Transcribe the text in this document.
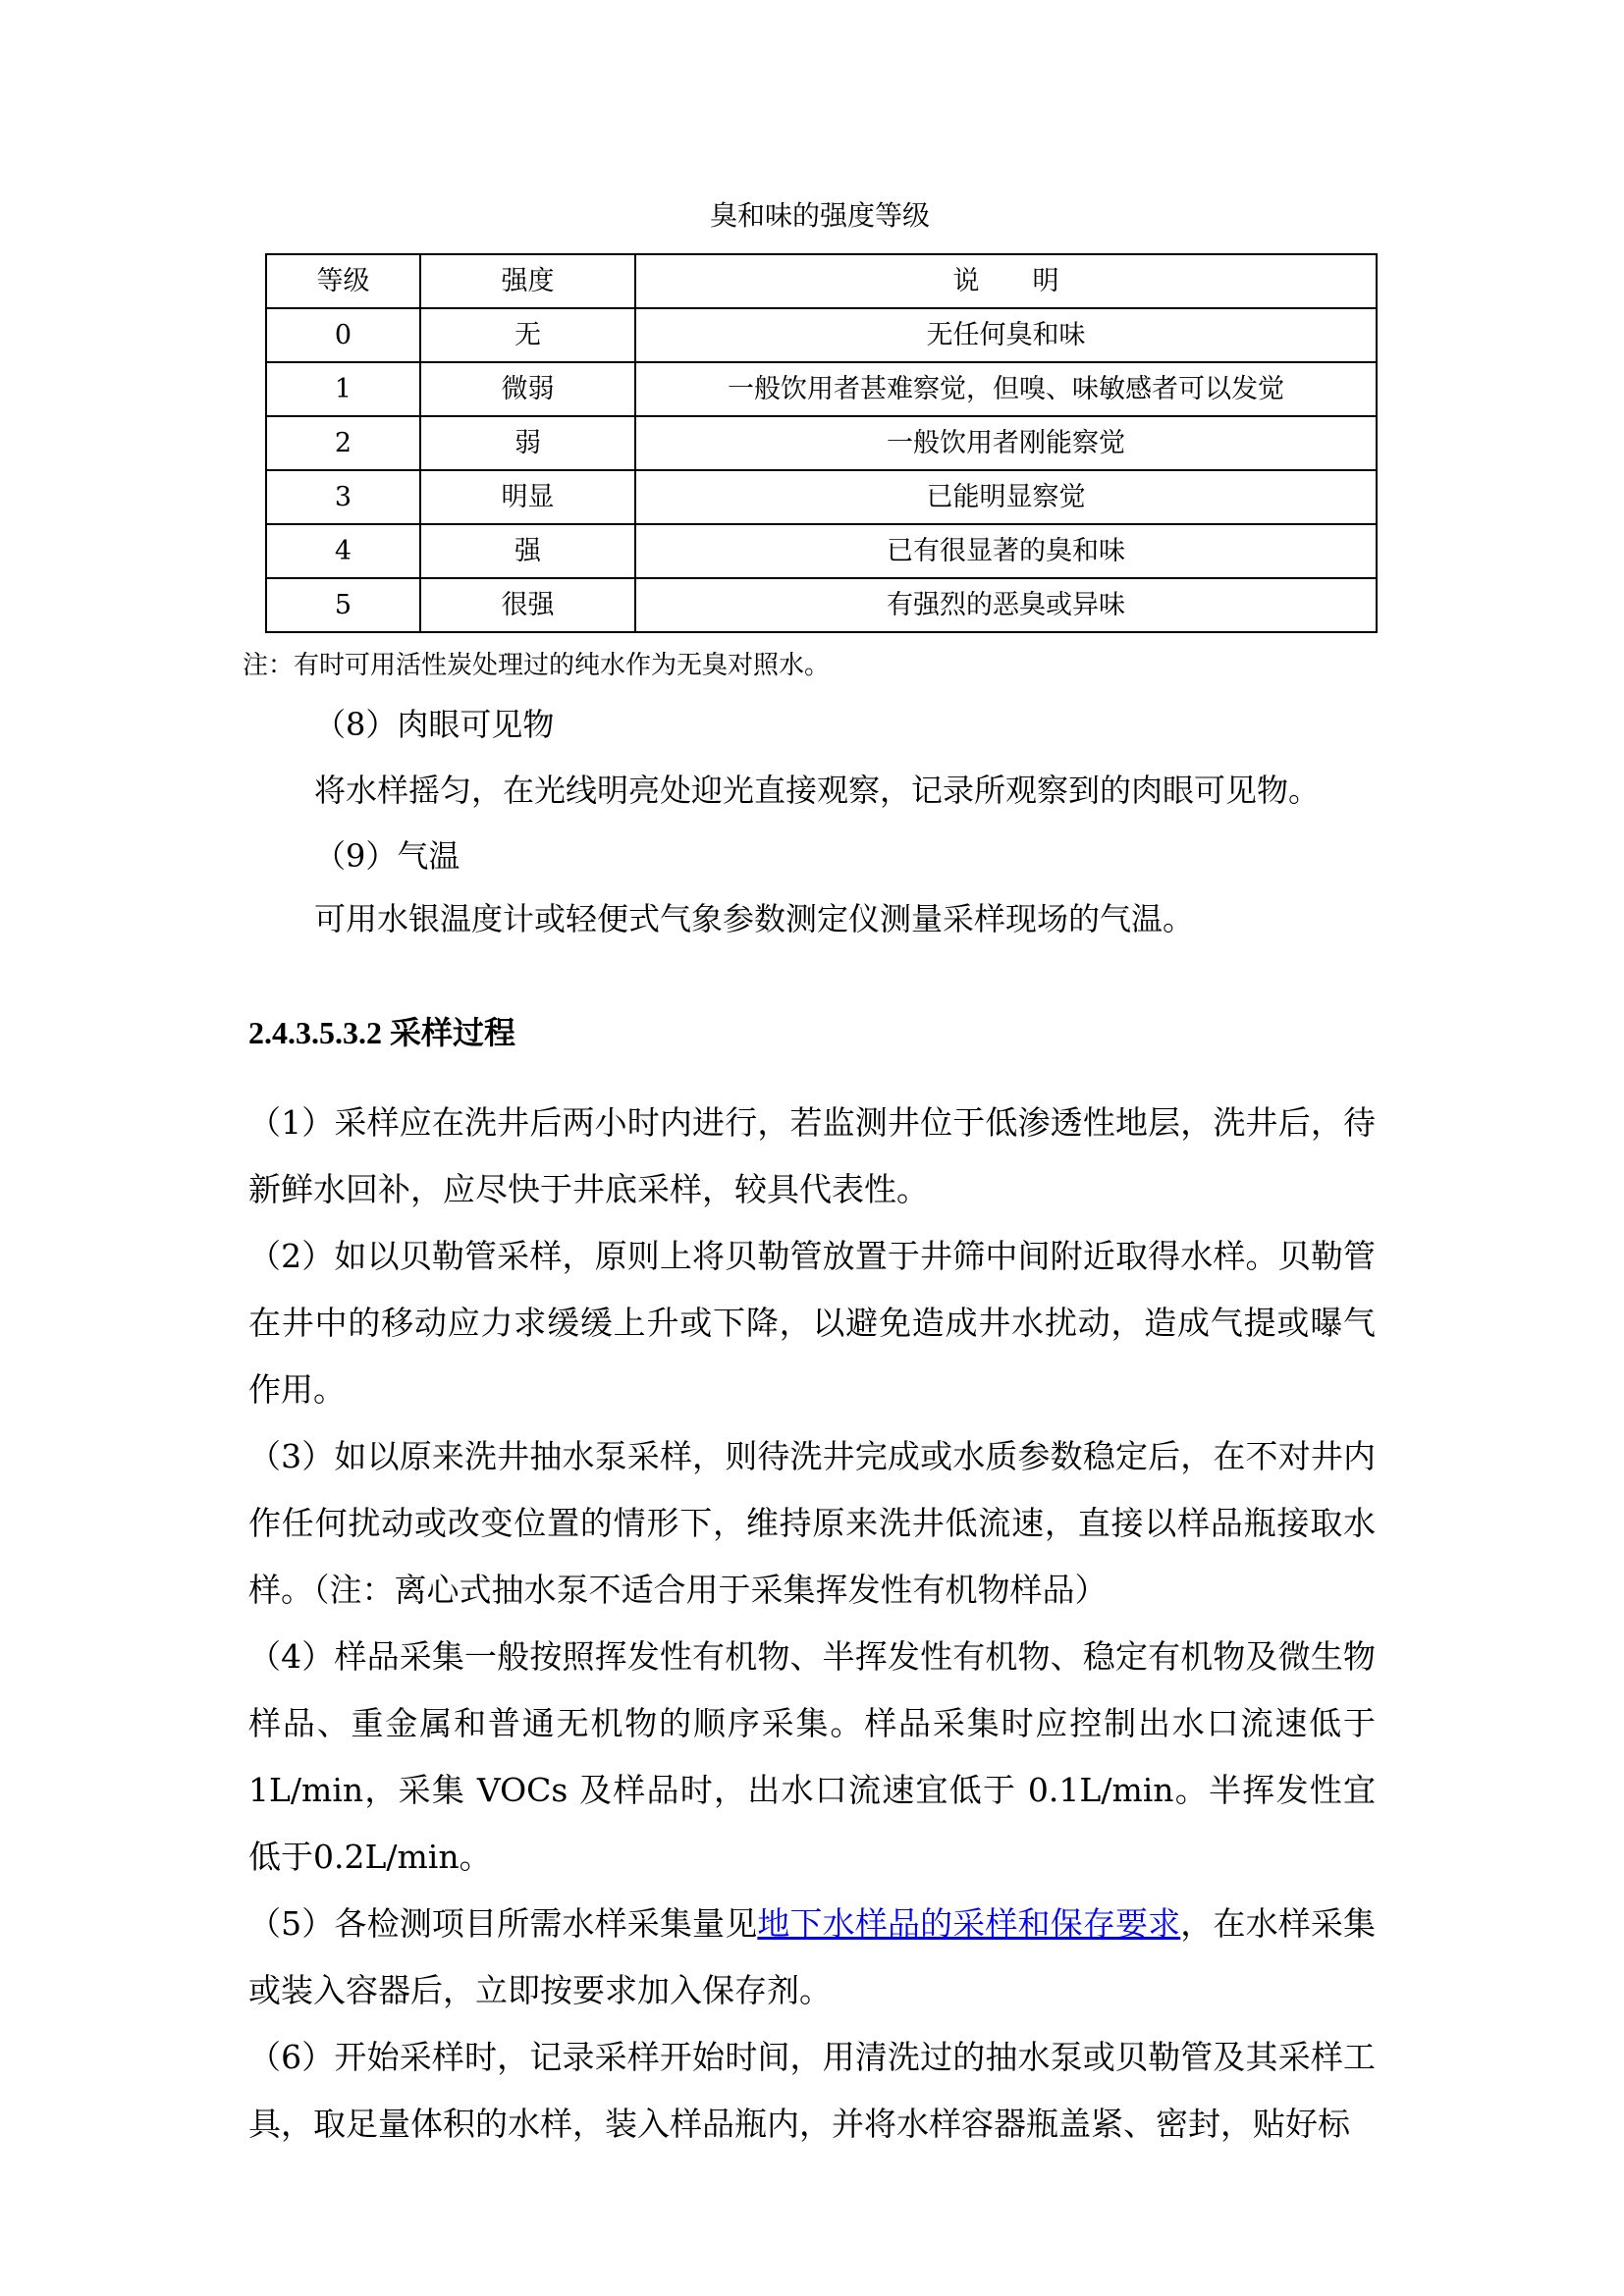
臭和味的强度等级
等级	强度	说　　明
0	无	无任何臭和味
1	微弱	一般饮用者甚难察觉，但嗅、味敏感者可以发觉
2	弱	一般饮用者刚能察觉
3	明显	已能明显察觉
4	强	已有很显著的臭和味
5	很强	有强烈的恶臭或异味
注：有时可用活性炭处理过的纯水作为无臭对照水。
（8）肉眼可见物
将水样摇匀，在光线明亮处迎光直接观察，记录所观察到的肉眼可见物。
（9）气温
可用水银温度计或轻便式气象参数测定仪测量采样现场的气温。
2.4.3.5.3.2 采样过程

（1）采样应在洗井后两小时内进行，若监测井位于低渗透性地层，洗井后，待新鲜水回补，应尽快于井底采样，较具代表性。

（2）如以贝勒管采样，原则上将贝勒管放置于井筛中间附近取得水样。贝勒管在井中的移动应力求缓缓上升或下降，以避免造成井水扰动，造成气提或曝气作用。

（3）如以原来洗井抽水泵采样，则待洗井完成或水质参数稳定后，在不对井内作任何扰动或改变位置的情形下，维持原来洗井低流速，直接以样品瓶接取水样。（注：离心式抽水泵不适合用于采集挥发性有机物样品）

（4）样品采集一般按照挥发性有机物、半挥发性有机物、稳定有机物及微生物样品、重金属和普通无机物的顺序采集。样品采集时应控制出水口流速低于1L/min，采集 VOCs 及样品时，出水口流速宜低于 0.1L/min。半挥发性宜低于0.2L/min。

（5）各检测项目所需水样采集量见地下水样品的采样和保存要求，在水样采集或装入容器后，立即按要求加入保存剂。

（6）开始采样时，记录采样开始时间，用清洗过的抽水泵或贝勒管及其采样工具，取足量体积的水样，装入样品瓶内，并将水样容器瓶盖紧、密封，贴好标
